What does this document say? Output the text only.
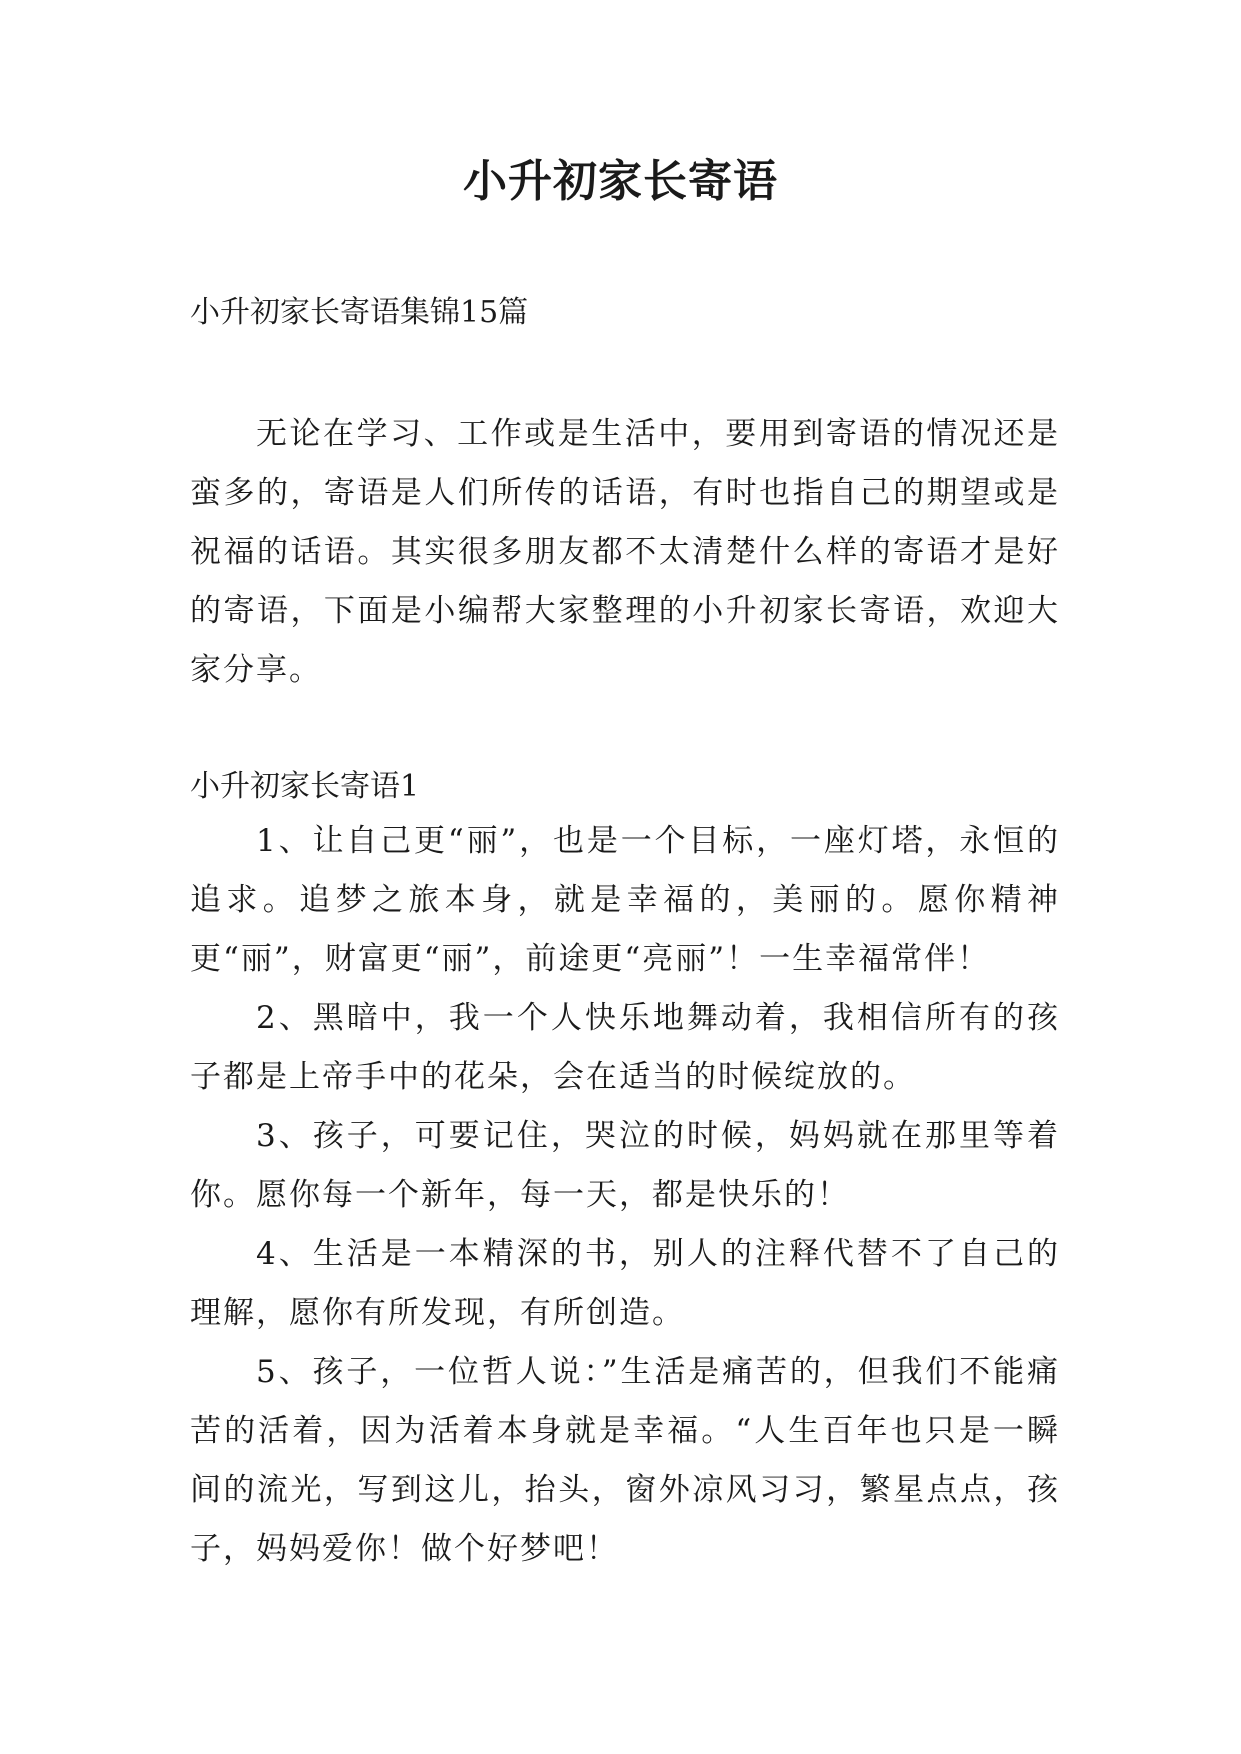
小升初家长寄语

小升初家长寄语集锦15篇

无论在学习、工作或是生活中，要用到寄语的情况还是蛮多的，寄语是人们所传的话语，有时也指自己的期望或是祝福的话语。其实很多朋友都不太清楚什么样的寄语才是好的寄语，下面是小编帮大家整理的小升初家长寄语，欢迎大家分享。

小升初家长寄语1

1、让自己更“丽”，也是一个目标，一座灯塔，永恒的追求。追梦之旅本身，就是幸福的，美丽的。愿你精神更“丽”，财富更“丽”，前途更“亮丽”！一生幸福常伴！
2、黑暗中，我一个人快乐地舞动着，我相信所有的孩子都是上帝手中的花朵，会在适当的时候绽放的。
3、孩子，可要记住，哭泣的时候，妈妈就在那里等着你。愿你每一个新年，每一天，都是快乐的！
4、生活是一本精深的书，别人的注释代替不了自己的理解，愿你有所发现，有所创造。
5、孩子，一位哲人说：”生活是痛苦的，但我们不能痛苦的活着，因为活着本身就是幸福。“人生百年也只是一瞬间的流光，写到这儿，抬头，窗外凉风习习，繁星点点，孩子，妈妈爱你！做个好梦吧！
